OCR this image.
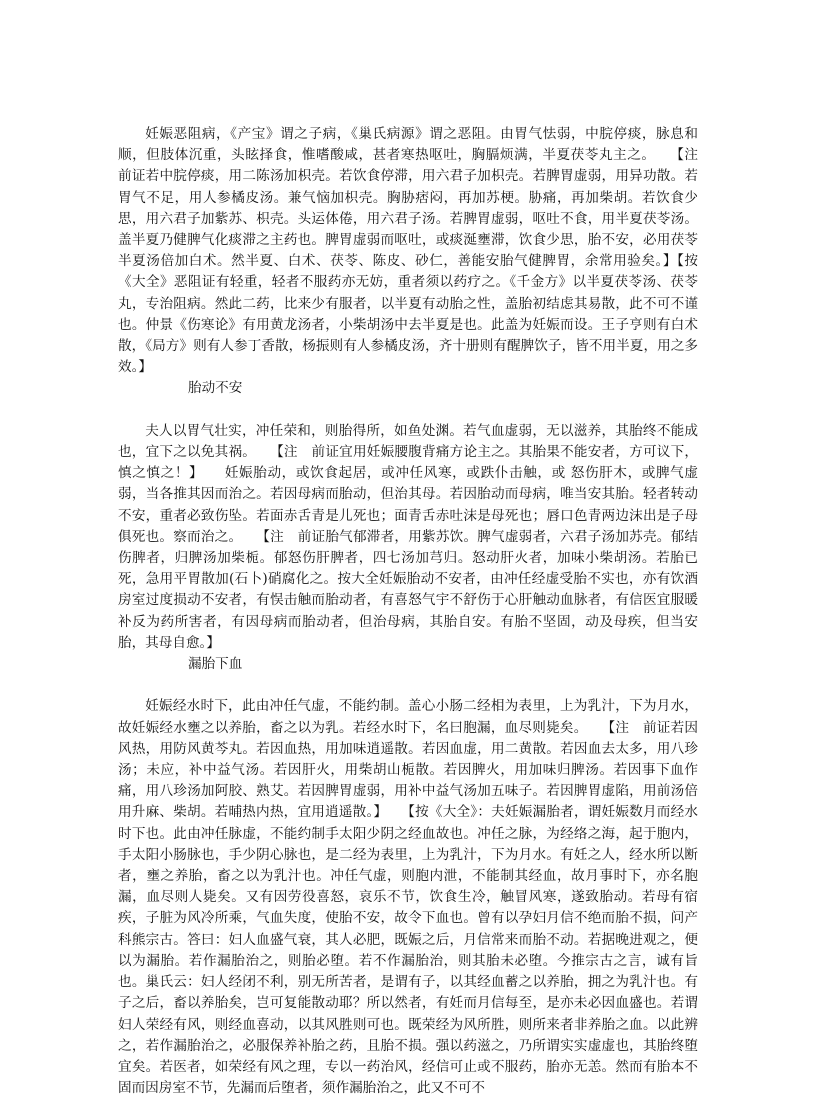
妊娠恶阻病，《产宝》谓之子病，《巢氏病源》谓之恶阻。由胃气怯弱，中脘停痰，脉息和顺，但肢体沉重，头眩择食，惟嗜酸咸，甚者寒热呕吐，胸膈烦满，半夏茯苓丸主之。　　【注　前证若中脘停痰，用二陈汤加枳壳。若饮食停滞，用六君子加枳壳。若脾胃虚弱，用异功散。若胃气不足，用人参橘皮汤。兼气恼加枳壳。胸胁痞闷，再加苏梗。胁痛，再加柴胡。若饮食少思，用六君子加紫苏、枳壳。头运体倦，用六君子汤。若脾胃虚弱，呕吐不食，用半夏茯苓汤。盖半夏乃健脾气化痰滞之主药也。脾胃虚弱而呕吐，或痰涎壅滞，饮食少思，胎不安，必用茯苓半夏汤倍加白术。然半夏、白术、茯苓、陈皮、砂仁，善能安胎气健脾胃，余常用验矣。】【按《大全》恶阻证有轻重，轻者不服药亦无妨，重者须以药疗之。《千金方》以半夏茯苓汤、茯苓丸，专治阻病。然此二药，比来少有服者，以半夏有动胎之性，盖胎初结虑其易散，此不可不谨也。仲景《伤寒论》有用黄龙汤者，小柴胡汤中去半夏是也。此盖为妊娠而设。王子亨则有白术散，《局方》则有人参丁香散，杨振则有人参橘皮汤，齐十册则有醒脾饮子，皆不用半夏，用之多效。】

胎动不安

夫人以胃气壮实，冲任荣和，则胎得所，如鱼处渊。若气血虚弱，无以滋养，其胎终不能成也，宜下之以免其祸。　　【注　前证宜用妊娠腰腹背痛方论主之。其胎果不能安者，方可议下，慎之慎之！】　　妊娠胎动，或饮食起居，或冲任风寒，或跌仆击触，或 怒伤肝木，或脾气虚弱，当各推其因而治之。若因母病而胎动，但治其母。若因胎动而母病，唯当安其胎。轻者转动不安，重者必致伤坠。若面赤舌青是儿死也；面青舌赤吐沫是母死也；唇口色青两边沫出是子母俱死也。察而治之。　　【注　前证胎气郁滞者，用紫苏饮。脾气虚弱者，六君子汤加苏壳。郁结伤脾者，归脾汤加柴栀。郁怒伤肝脾者，四七汤加芎归。怒动肝火者，加味小柴胡汤。若胎已死，急用平胃散加(石卜)硝腐化之。按大全妊娠胎动不安者，由冲任经虚受胎不实也，亦有饮酒房室过度损动不安者，有悮击触而胎动者，有喜怒气宇不舒伤于心肝触动血脉者，有信医宜服暖补反为药所害者，有因母病而胎动者，但治母病，其胎自安。有胎不坚固，动及母疾，但当安胎，其母自愈。】

漏胎下血

妊娠经水时下，此由冲任气虚，不能约制。盖心小肠二经相为表里，上为乳汁，下为月水，故妊娠经水壅之以养胎，畜之以为乳。若经水时下，名曰胞漏，血尽则毙矣。　　【注　前证若因风热，用防风黄芩丸。若因血热，用加味逍遥散。若因血虚，用二黄散。若因血去太多，用八珍汤；未应，补中益气汤。若因肝火，用柴胡山栀散。若因脾火，用加味归脾汤。若因事下血作痛，用八珍汤加阿胶、熟艾。若因脾胃虚弱，用补中益气汤加五味子。若因脾胃虚陷，用前汤倍用升麻、柴胡。若晡热内热，宜用逍遥散。】　　【按《大全》：夫妊娠漏胎者，谓妊娠数月而经水时下也。此由冲任脉虚，不能约制手太阳少阴之经血故也。冲任之脉，为经络之海，起于胞内，手太阳小肠脉也，手少阴心脉也，是二经为表里，上为乳汁，下为月水。有妊之人，经水所以断者，壅之养胎，畜之以为乳汁也。冲任气虚，则胞内泄，不能制其经血，故月事时下，亦名胞漏，血尽则人毙矣。又有因劳役喜怒，哀乐不节，饮食生冷，触冒风寒，遂致胎动。若母有宿疾，子脏为风冷所乘，气血失度，使胎不安，故令下血也。曾有以孕妇月信不绝而胎不损，问产科熊宗古。答曰：妇人血盛气衰，其人必肥，既娠之后，月信常来而胎不动。若据晚进观之，便以为漏胎。若作漏胎治之，则胎必堕。若不作漏胎治，则其胎未必堕。今推宗古之言，诚有旨也。巢氏云：妇人经闭不利，别无所苦者，是谓有子，以其经血蓄之以养胎，拥之为乳汁也。有子之后，畜以养胎矣，岂可复能散动耶？所以然者，有妊而月信每至，是亦未必因血盛也。若谓妇人荣经有风，则经血喜动，以其风胜则可也。既荣经为风所胜，则所来者非养胎之血。以此辨之，若作漏胎治之，必服保养补胎之药，且胎不损。强以药滋之，乃所谓实实虚虚也，其胎终堕宜矣。若医者，如荣经有风之理，专以一药治风，经信可止或不服药，胎亦无恙。然而有胎本不固而因房室不节，先漏而后堕者，须作漏胎治之，此又不可不
